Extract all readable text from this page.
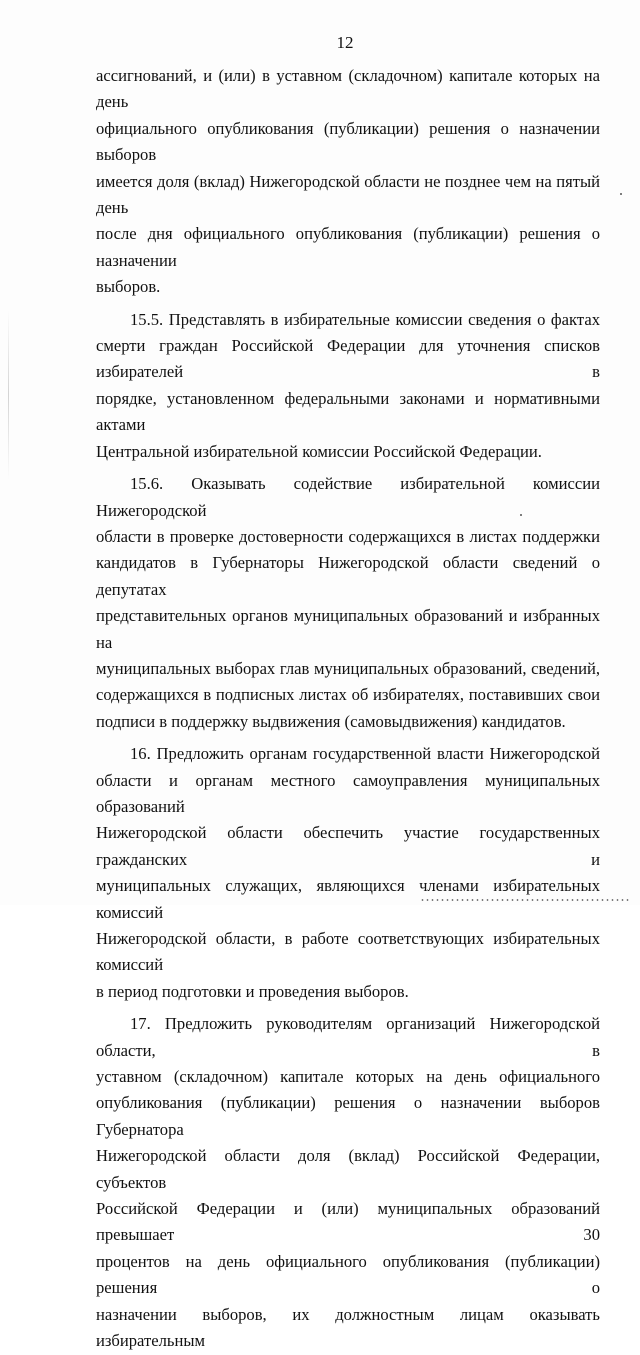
12

ассигнований, и (или) в уставном (складочном) капитале которых на день

официального опубликования (публикации) решения о назначении выборов

имеется доля (вклад) Нижегородской области не позднее чем на пятый день

после дня официального опубликования (публикации) решения о назначении

выборов.

15.5. Представлять в избирательные комиссии сведения о фактах

смерти граждан Российской Федерации для уточнения списков избирателей в

порядке, установленном федеральными законами и нормативными актами

Центральной избирательной комиссии Российской Федерации.

15.6. Оказывать содействие избирательной комиссии Нижегородской

области в проверке достоверности содержащихся в листах поддержки

кандидатов в Губернаторы Нижегородской области сведений о депутатах

представительных органов муниципальных образований и избранных на

муниципальных выборах глав муниципальных образований, сведений,

содержащихся в подписных листах об избирателях, поставивших свои

подписи в поддержку выдвижения (самовыдвижения) кандидатов.

16. Предложить органам государственной власти Нижегородской

области и органам местного самоуправления муниципальных образований

Нижегородской области обеспечить участие государственных гражданских и

муниципальных служащих, являющихся членами избирательных комиссий

Нижегородской области, в работе соответствующих избирательных комиссий

в период подготовки и проведения выборов.

17. Предложить руководителям организаций Нижегородской области, в

уставном (складочном) капитале которых на день официального

опубликования (публикации) решения о назначении выборов Губернатора

Нижегородской области доля (вклад) Российской Федерации, субъектов

Российской Федерации и (или) муниципальных образований превышает 30

процентов на день официального опубликования (публикации) решения о

назначении выборов, их должностным лицам оказывать избирательным
